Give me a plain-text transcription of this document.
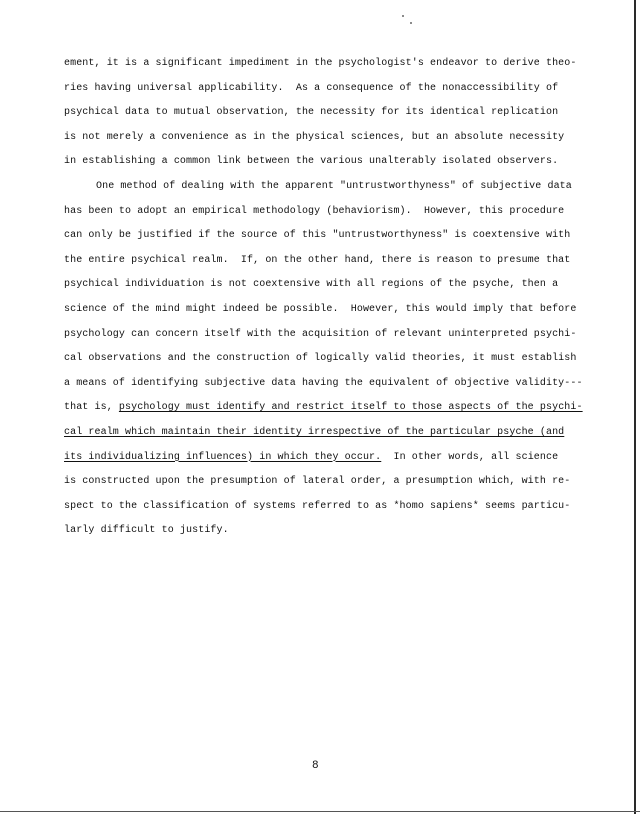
ement, it is a significant impediment in the psychologist's endeavor to derive theo-
ries having universal applicability.  As a consequence of the nonaccessibility of
psychical data to mutual observation, the necessity for its identical replication
is not merely a convenience as in the physical sciences, but an absolute necessity
in establishing a common link between the various unalterably isolated observers.
One method of dealing with the apparent "untrustworthyness" of subjective data
has been to adopt an empirical methodology (behaviorism).  However, this procedure
can only be justified if the source of this "untrustworthyness" is coextensive with
the entire psychical realm.  If, on the other hand, there is reason to presume that
psychical individuation is not coextensive with all regions of the psyche, then a
science of the mind might indeed be possible.  However, this would imply that before
psychology can concern itself with the acquisition of relevant uninterpreted psychi-
cal observations and the construction of logically valid theories, it must establish
a means of identifying subjective data having the equivalent of objective validity---
that is, psychology must identify and restrict itself to those aspects of the psychi-
cal realm which maintain their identity irrespective of the particular psyche (and
its individualizing influences) in which they occur.  In other words, all science
is constructed upon the presumption of lateral order, a presumption which, with re-
spect to the classification of systems referred to as *homo sapiens* seems particu-
larly difficult to justify.
8
